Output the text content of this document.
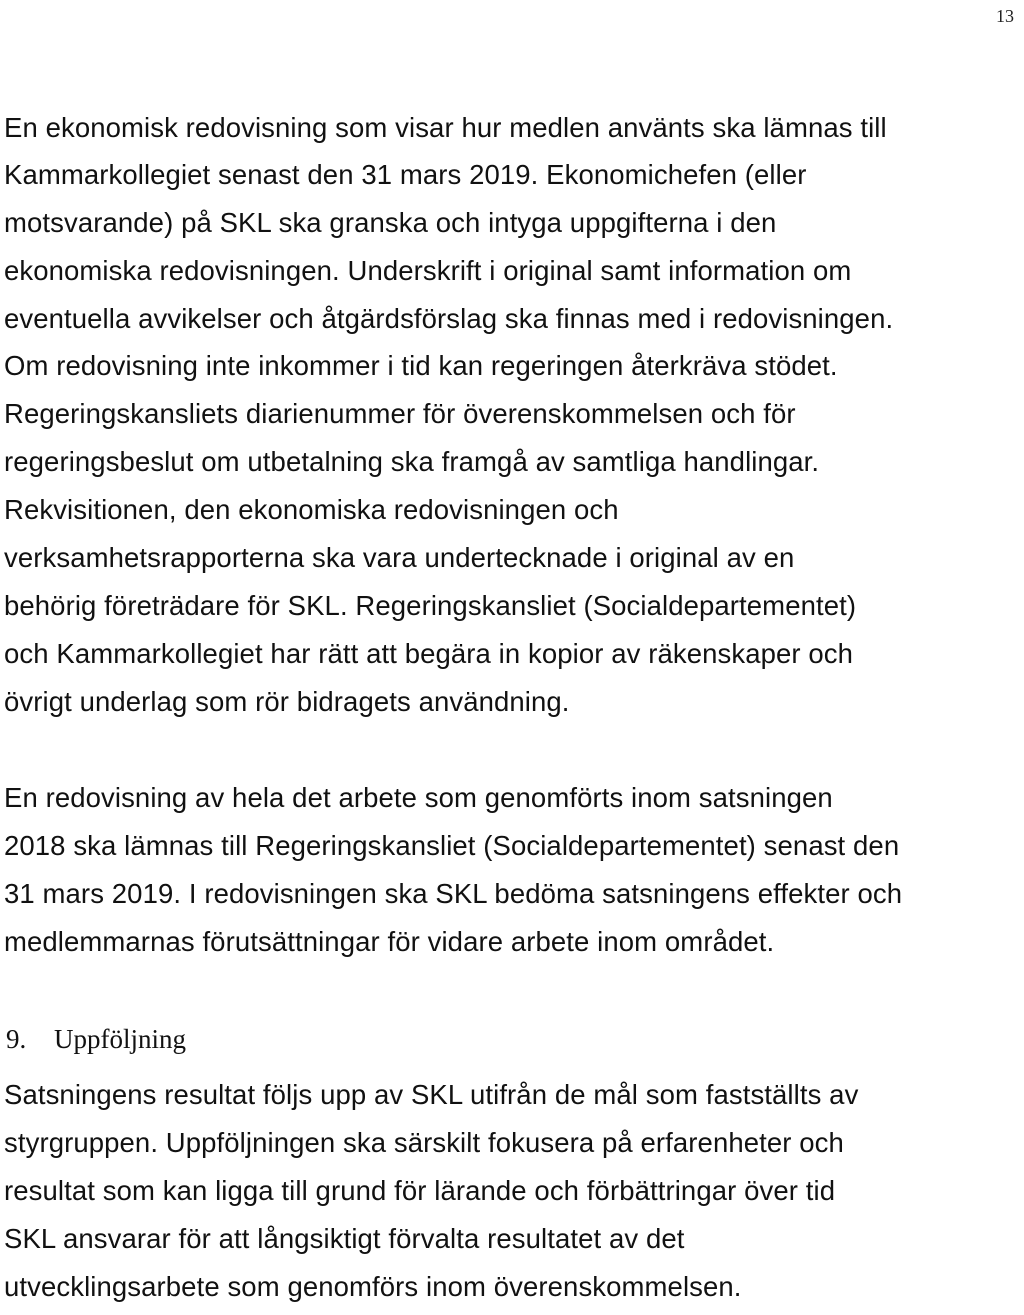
13
En ekonomisk redovisning som visar hur medlen använts ska lämnas till
Kammarkollegiet senast den 31 mars 2019. Ekonomichefen (eller
motsvarande) på SKL ska granska och intyga uppgifterna i den
ekonomiska redovisningen. Underskrift i original samt information om
eventuella avvikelser och åtgärdsförslag ska finnas med i redovisningen.
Om redovisning inte inkommer i tid kan regeringen återkräva stödet.
Regeringskansliets diarienummer för överenskommelsen och för
regeringsbeslut om utbetalning ska framgå av samtliga handlingar.
Rekvisitionen, den ekonomiska redovisningen och
verksamhetsrapporterna ska vara undertecknade i original av en
behörig företrädare för SKL. Regeringskansliet (Socialdepartementet)
och Kammarkollegiet har rätt att begära in kopior av räkenskaper och
övrigt underlag som rör bidragets användning.
En redovisning av hela det arbete som genomförts inom satsningen
2018 ska lämnas till Regeringskansliet (Socialdepartementet) senast den
31 mars 2019. I redovisningen ska SKL bedöma satsningens effekter och
medlemmarnas förutsättningar för vidare arbete inom området.
9. Uppföljning
Satsningens resultat följs upp av SKL utifrån de mål som fastställts av
styrgruppen. Uppföljningen ska särskilt fokusera på erfarenheter och
resultat som kan ligga till grund för lärande och förbättringar över tid
SKL ansvarar för att långsiktigt förvalta resultatet av det
utvecklingsarbete som genomförs inom överenskommelsen.
